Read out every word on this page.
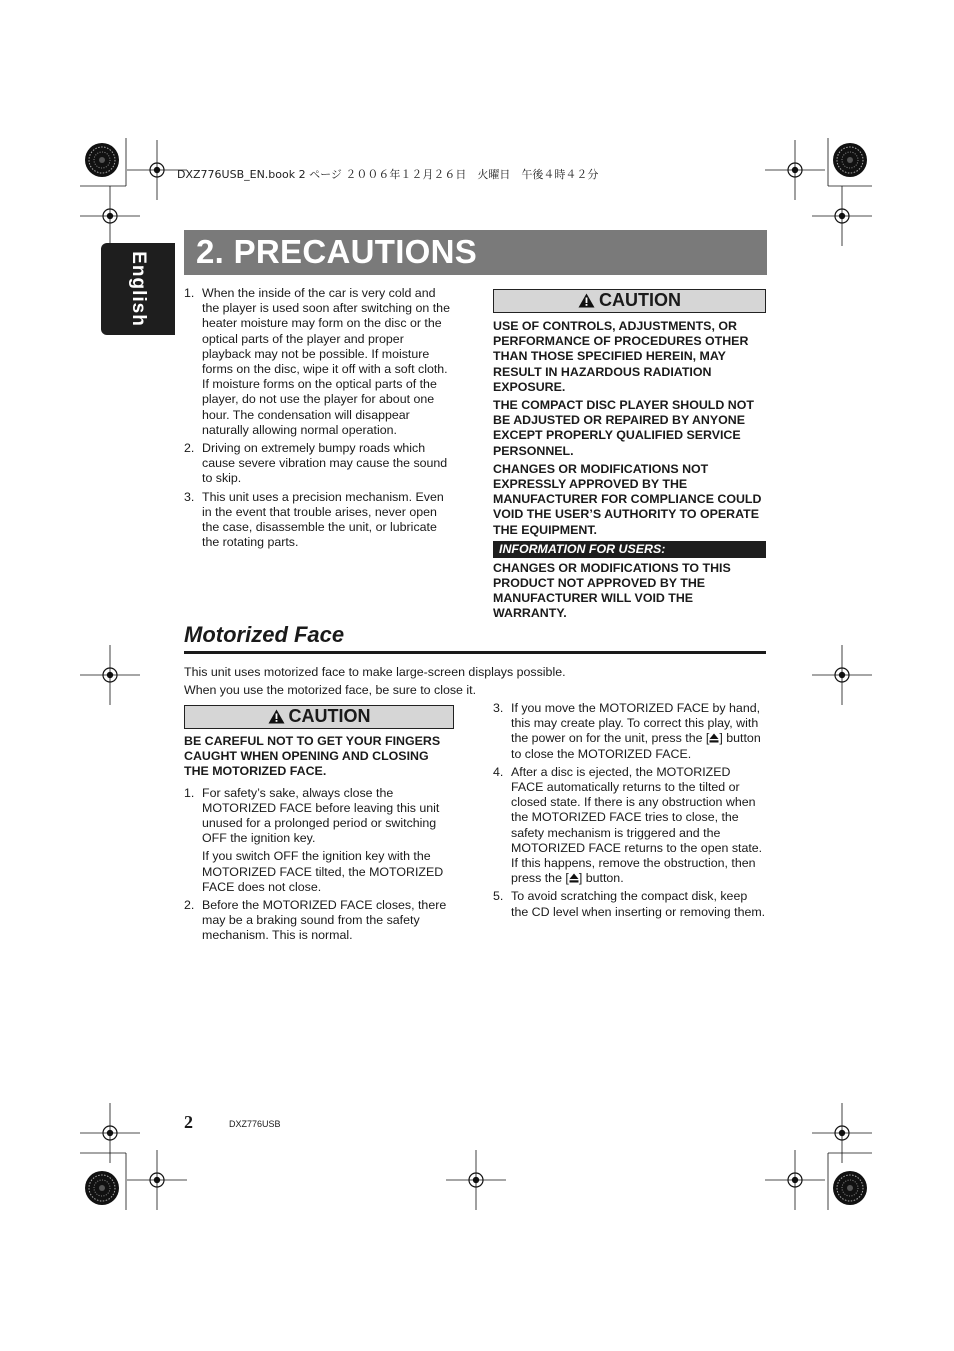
DXZ776USB_EN.book 2 ページ ２００６年１２月２６日　火曜日　午後４時４２分
English 2. PRECAUTIONS
1. When the inside of the car is very cold and the player is used soon after switching on the heater moisture may form on the disc or the optical parts of the player and proper playback may not be possible. If moisture forms on the disc, wipe it off with a soft cloth. If moisture forms on the optical parts of the player, do not use the player for about one hour. The condensation will disappear naturally allowing normal operation.

2. Driving on extremely bumpy roads which cause severe vibration may cause the sound to skip.

3. This unit uses a precision mechanism. Even in the event that trouble arises, never open the case, disassemble the unit, or lubricate the rotating parts.

CAUTION

USE OF CONTROLS, ADJUSTMENTS, OR PERFORMANCE OF PROCEDURES OTHER THAN THOSE SPECIFIED HEREIN, MAY RESULT IN HAZARDOUS RADIATION EXPOSURE.

THE COMPACT DISC PLAYER SHOULD NOT BE ADJUSTED OR REPAIRED BY ANYONE EXCEPT PROPERLY QUALIFIED SERVICE PERSONNEL.

CHANGES OR MODIFICATIONS NOT EXPRESSLY APPROVED BY THE MANUFACTURER FOR COMPLIANCE COULD VOID THE USER’S AUTHORITY TO OPERATE THE EQUIPMENT.

INFORMATION FOR USERS:

CHANGES OR MODIFICATIONS TO THIS PRODUCT NOT APPROVED BY THE MANUFACTURER WILL VOID THE WARRANTY.

Motorized Face

This unit uses motorized face to make large-screen displays possible.

When you use the motorized face, be sure to close it.

CAUTION

BE CAREFUL NOT TO GET YOUR FINGERS CAUGHT WHEN OPENING AND CLOSING THE MOTORIZED FACE.

1. For safety’s sake, always close the MOTORIZED FACE before leaving this unit unused for a prolonged period or switching OFF the ignition key.

If you switch OFF the ignition key with the MOTORIZED FACE tilted, the MOTORIZED FACE does not close.

2. Before the MOTORIZED FACE closes, there may be a braking sound from the safety mechanism. This is normal.

3. If you move the MOTORIZED FACE by hand, this may create play. To correct this play, with the power on for the unit, press the [ ] button to close the MOTORIZED FACE.

4. After a disc is ejected, the MOTORIZED FACE automatically returns to the tilted or closed state. If there is any obstruction when the MOTORIZED FACE tries to close, the safety mechanism is triggered and the MOTORIZED FACE returns to the open state. If this happens, remove the obstruction, then press the [ ] button.

5. To avoid scratching the compact disk, keep the CD level when inserting or removing them.

2	DXZ776USB
